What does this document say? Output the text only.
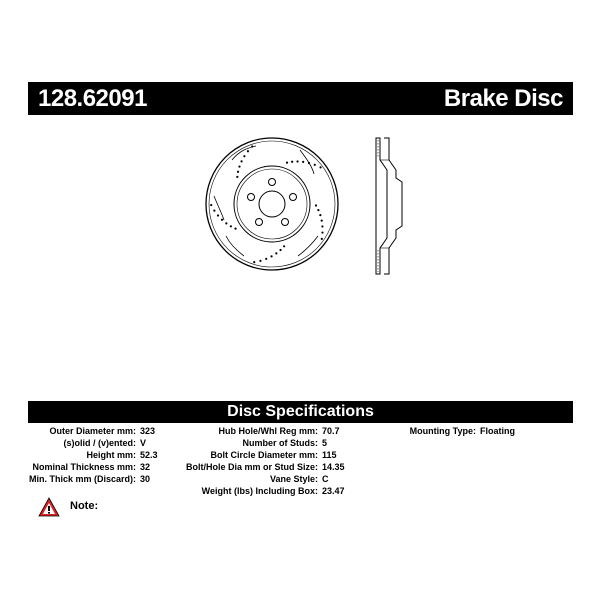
128.62091	Brake Disc
Disc Specifications
Outer Diameter mm: 323
(s)olid / (v)ented: V
Height mm: 52.3
Nominal Thickness mm: 32
Min. Thick mm (Discard): 30
Hub Hole/Whl Reg mm: 70.7
Number of Studs: 5
Bolt Circle Diameter mm: 115
Bolt/Hole Dia mm or Stud Size: 14.35
Vane Style: C
Weight (lbs) Including Box: 23.47
Mounting Type: Floating
Note:
